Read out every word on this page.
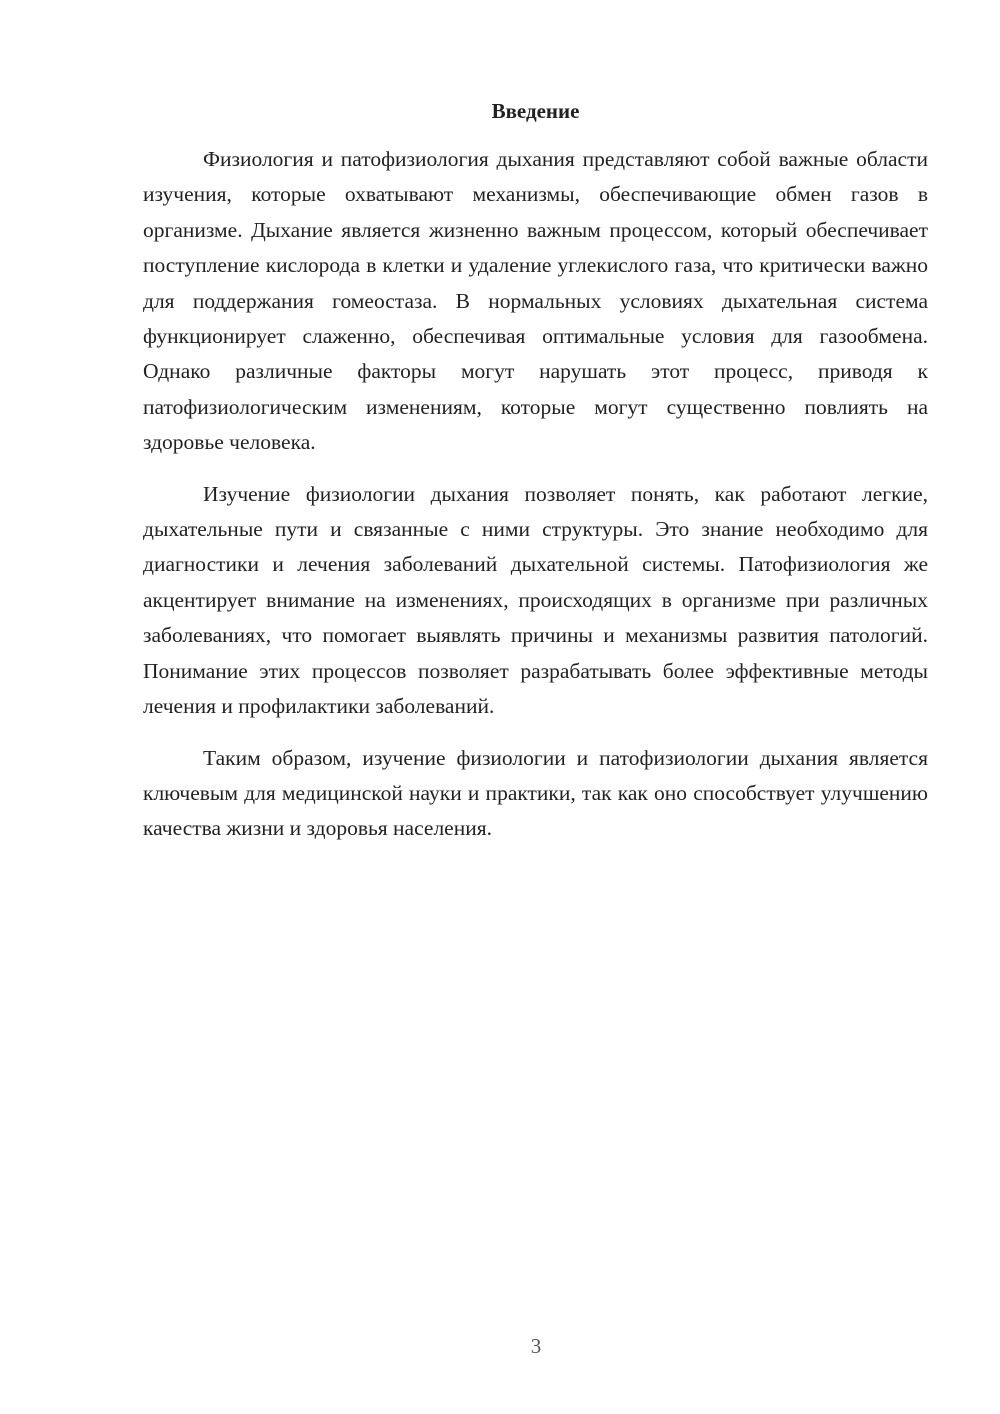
Введение

Физиология и патофизиология дыхания представляют собой важные области изучения, которые охватывают механизмы, обеспечивающие обмен газов в организме. Дыхание является жизненно важным процессом, который обеспечивает поступление кислорода в клетки и удаление углекислого газа, что критически важно для поддержания гомеостаза. В нормальных условиях дыхательная система функционирует слаженно, обеспечивая оптимальные условия для газообмена. Однако различные факторы могут нарушать этот процесс, приводя к патофизиологическим изменениям, которые могут существенно повлиять на здоровье человека.

Изучение физиологии дыхания позволяет понять, как работают легкие, дыхательные пути и связанные с ними структуры. Это знание необходимо для диагностики и лечения заболеваний дыхательной системы. Патофизиология же акцентирует внимание на изменениях, происходящих в организме при различных заболеваниях, что помогает выявлять причины и механизмы развития патологий. Понимание этих процессов позволяет разрабатывать более эффективные методы лечения и профилактики заболеваний.

Таким образом, изучение физиологии и патофизиологии дыхания является ключевым для медицинской науки и практики, так как оно способствует улучшению качества жизни и здоровья населения.

3
